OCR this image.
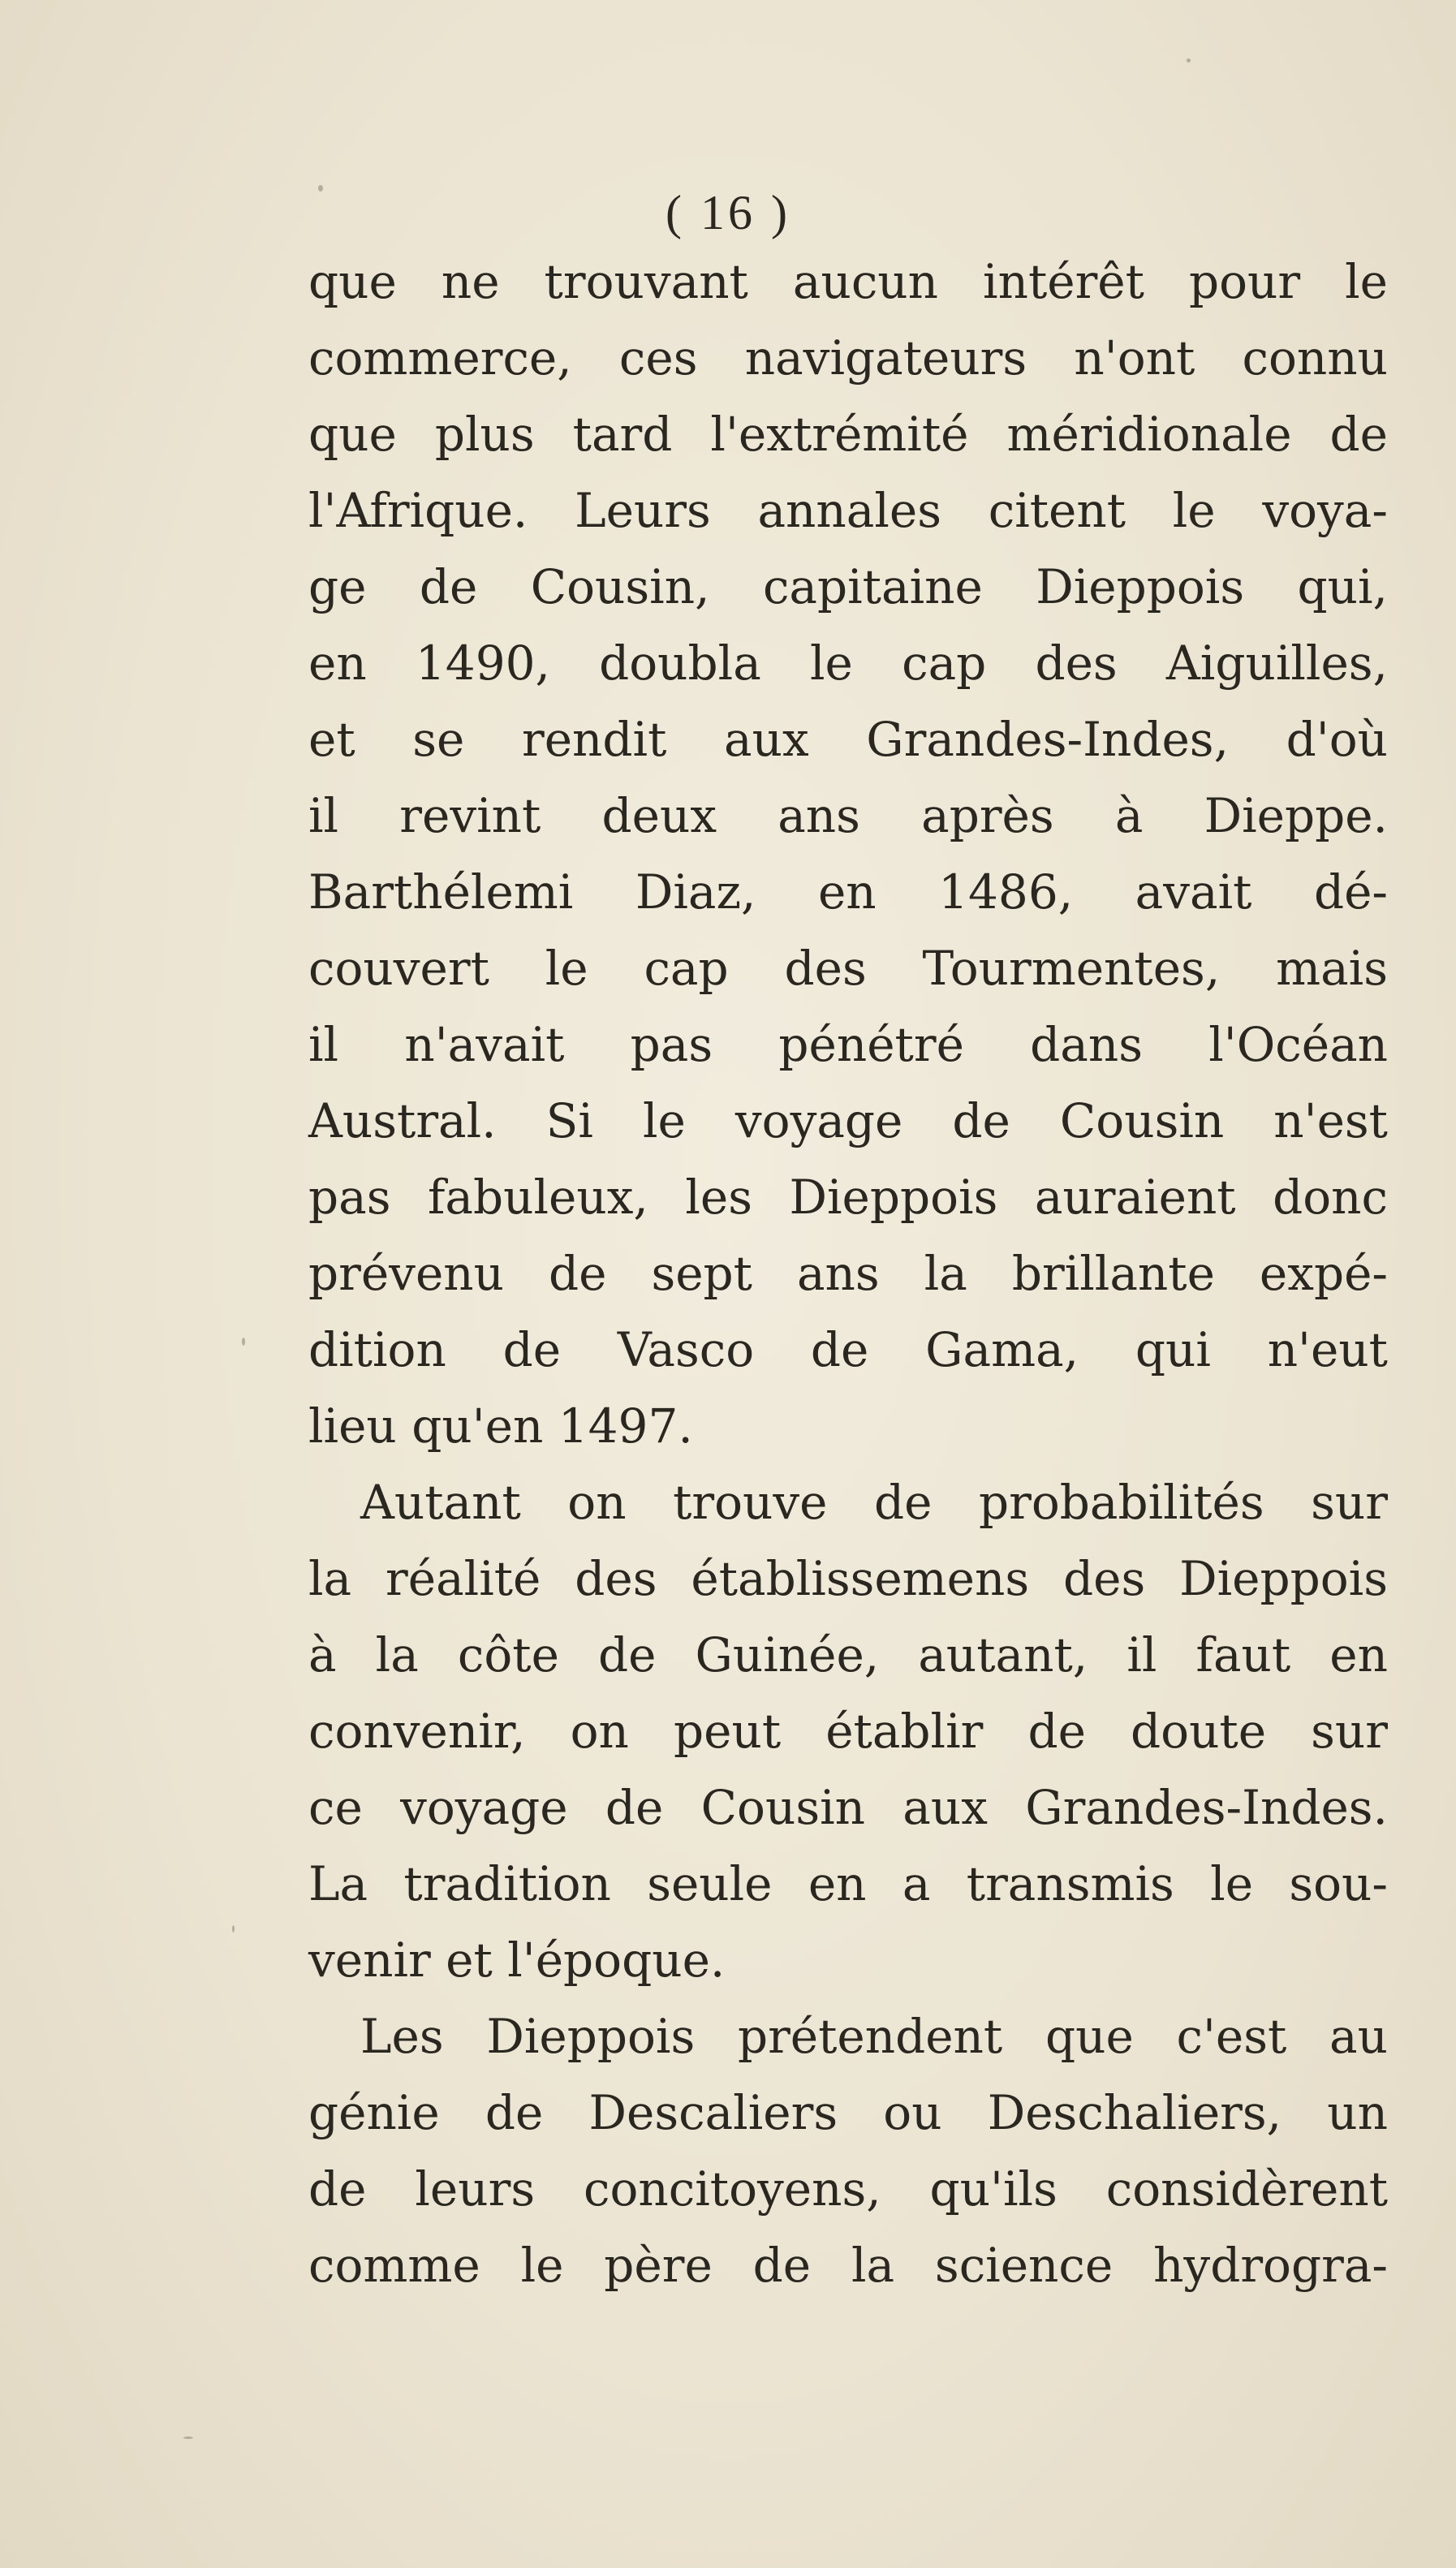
( 16 )
que ne trouvant aucun intérêt pour le
commerce, ces navigateurs n'ont connu
que plus tard l'extrémité méridionale de
l'Afrique. Leurs annales citent le voya-
ge de Cousin, capitaine Dieppois qui,
en 1490, doubla le cap des Aiguilles,
et se rendit aux Grandes-Indes, d'où
il revint deux ans après à Dieppe.
Barthélemi Diaz, en 1486, avait dé-
couvert le cap des Tourmentes, mais
il n'avait pas pénétré dans l'Océan
Austral. Si le voyage de Cousin n'est
pas fabuleux, les Dieppois auraient donc
prévenu de sept ans la brillante expé-
dition de Vasco de Gama, qui n'eut
lieu qu'en 1497.
Autant on trouve de probabilités sur
la réalité des établissemens des Dieppois
à la côte de Guinée, autant, il faut en
convenir, on peut établir de doute sur
ce voyage de Cousin aux Grandes-Indes.
La tradition seule en a transmis le sou-
venir et l'époque.
Les Dieppois prétendent que c'est au
génie de Descaliers ou Deschaliers, un
de leurs concitoyens, qu'ils considèrent
comme le père de la science hydrogra-
